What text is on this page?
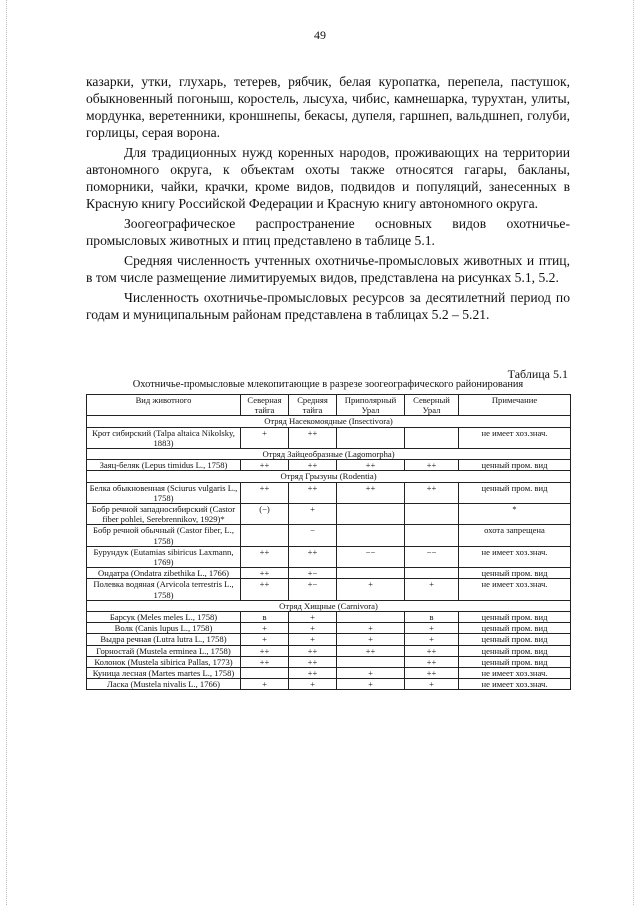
49

казарки, утки, глухарь, тетерев, рябчик, белая куропатка, перепела, пастушок, обыкновенный погоныш, коростель, лысуха, чибис, камнешарка, турухтан, улиты, мордунка, веретенники, кроншнепы, бекасы, дупеля, гаршнеп, вальдшнеп, голуби, горлицы, серая ворона.

Для традиционных нужд коренных народов, проживающих на территории автономного округа, к объектам охоты также относятся гагары, бакланы, поморники, чайки, крачки, кроме видов, подвидов и популяций, занесенных в Красную книгу Российской Федерации и Красную книгу автономного округа.

Зоогеографическое распространение основных видов охотничье-промысловых животных и птиц представлено в таблице 5.1.

Средняя численность учтенных охотничье-промысловых животных и птиц, в том числе размещение лимитируемых видов, представлена на рисунках 5.1, 5.2.

Численность охотничье-промысловых ресурсов за десятилетний период по годам и муниципальным районам представлена в таблицах 5.2 – 5.21.

Таблица 5.1
Охотничье-промысловые млекопитающие в разрезе зоогеографического районирования
Вид животного	Северная тайга	Средняя тайга	Приполярный Урал	Северный Урал	Примечание
Отряд Насекомоядные (Insectivora)					
Крот сибирский (Talpa altaica Nikolsky, 1883)	+	++			не имеет хоз.знач.
Отряд Зайцеобразные (Lagomorpha)					
Заяц-беляк (Lepus timidus L., 1758)	++	++	++	++	ценный пром. вид
Отряд Грызуны (Rodentia)					
Белка обыкновенная (Sciurus vulgaris L., 1758)	++	++	++	++	ценный пром. вид
Бобр речной западносибирский (Castor fiber pohlei, Serebrennikov, 1929)*	(−)	+			*
Бобр речной обычный (Castor fiber, L., 1758)		−			охота запрещена
Бурундук (Eutamias sibiricus Laxmann, 1769)	++	++	−−	−−	не имеет хоз.знач.
Ондатра (Ondatra zibethika L., 1766)	++	+−			ценный пром. вид
Полевка водяная (Arvicola terrestris L., 1758)	++	+−	+	+	не имеет хоз.знач.
Отряд Хищные (Carnivora)					
Барсук (Meles meles L., 1758)	в	+		в	ценный пром. вид
Волк (Canis lupus L., 1758)	+	+	+	+	ценный пром. вид
Выдра речная (Lutra lutra L., 1758)	+	+	+	+	ценный пром. вид
Горностай (Mustela erminea L., 1758)	++	++	++	++	ценный пром. вид
Колонок (Mustela sibirica Pallas, 1773)	++	++		++	ценный пром. вид
Куница лесная (Martes martes L., 1758)		++	+	++	не имеет хоз.знач.
Ласка (Mustela nivalis L., 1766)	+	+	+	+	не имеет хоз.знач.
